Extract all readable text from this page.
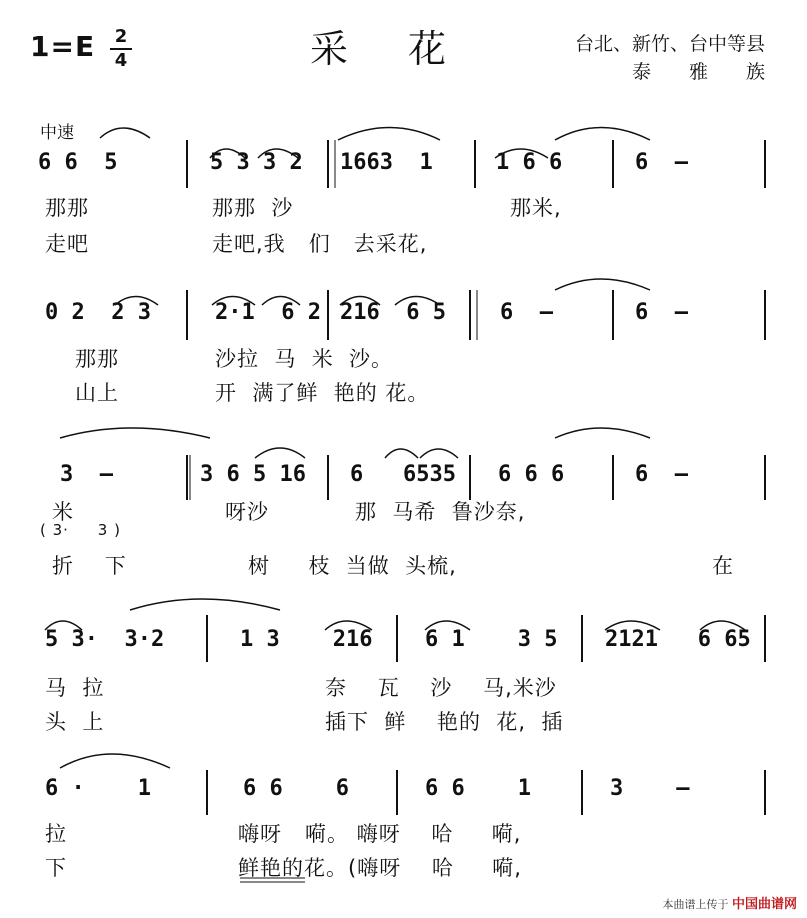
1=E 2
4	采花	台北、新竹、台中等县
泰　　雅　　族
中速
6 6  5	5 3 3 2 1663  1	1 6 6	6  –
那那	那那  沙	那米,
走吧	走吧,我   们   去采花,
0 2  2 3	2·1  6 2 216  6 5 6  –	6  –
那那	沙拉  马  米  沙。
山上	开  满了鲜  艳的 花。
3  –	3 6 5 16 6   6535 6 6 6	6  –
米	呀沙	那  马希  鲁沙奈,
折    下	树     枝  当做  头梳,	在
( 3·     3 )
5 3·  3·2	1 3    216 6 1    3 5 2121   6 65
马  拉	奈    瓦    沙    马,米沙
头  上	插下  鲜    艳的  花,  插
6 ·    1	6 6    6	6 6    1	3    –
拉	嗨呀   嗬。 嗨呀    哈     嗬,
下	鲜艳的花。(嗨呀    哈     嗬,
本曲谱上传于 中国曲谱网
